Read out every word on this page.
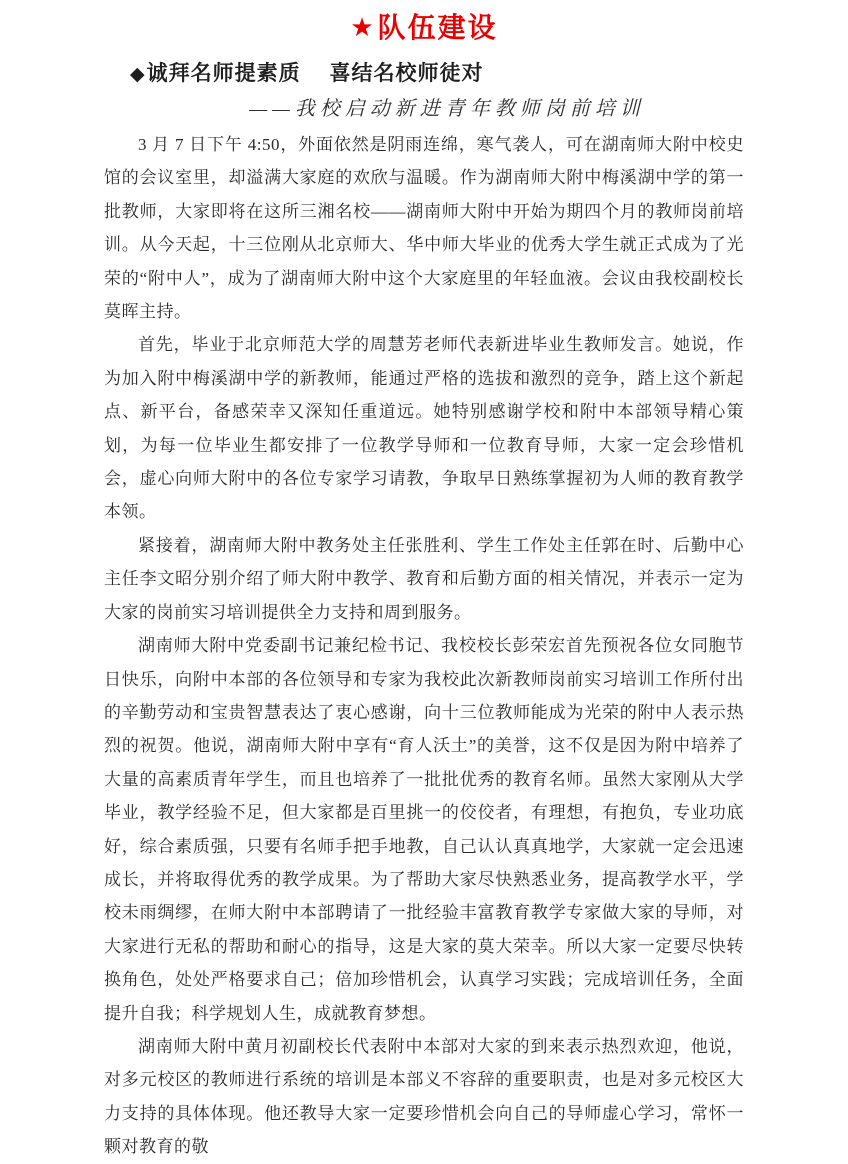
★队伍建设
◆诚拜名师提素质　 喜结名校师徒对
——我校启动新进青年教师岗前培训

3 月 7 日下午 4:50，外面依然是阴雨连绵，寒气袭人，可在湖南师大附中校史馆的会议室里，却溢满大家庭的欢欣与温暖。作为湖南师大附中梅溪湖中学的第一批教师，大家即将在这所三湘名校——湖南师大附中开始为期四个月的教师岗前培训。从今天起，十三位刚从北京师大、华中师大毕业的优秀大学生就正式成为了光荣的“附中人”，成为了湖南师大附中这个大家庭里的年轻血液。会议由我校副校长莫晖主持。

首先，毕业于北京师范大学的周慧芳老师代表新进毕业生教师发言。她说，作为加入附中梅溪湖中学的新教师，能通过严格的选拔和激烈的竞争，踏上这个新起点、新平台，备感荣幸又深知任重道远。她特别感谢学校和附中本部领导精心策划，为每一位毕业生都安排了一位教学导师和一位教育导师，大家一定会珍惜机会，虚心向师大附中的各位专家学习请教，争取早日熟练掌握初为人师的教育教学本领。

紧接着，湖南师大附中教务处主任张胜利、学生工作处主任郭在时、后勤中心主任李文昭分别介绍了师大附中教学、教育和后勤方面的相关情况，并表示一定为大家的岗前实习培训提供全力支持和周到服务。

湖南师大附中党委副书记兼纪检书记、我校校长彭荣宏首先预祝各位女同胞节日快乐，向附中本部的各位领导和专家为我校此次新教师岗前实习培训工作所付出的辛勤劳动和宝贵智慧表达了衷心感谢，向十三位教师能成为光荣的附中人表示热烈的祝贺。他说，湖南师大附中享有“育人沃土”的美誉，这不仅是因为附中培养了大量的高素质青年学生，而且也培养了一批批优秀的教育名师。虽然大家刚从大学毕业，教学经验不足，但大家都是百里挑一的佼佼者，有理想，有抱负，专业功底好，综合素质强，只要有名师手把手地教，自己认认真真地学，大家就一定会迅速成长，并将取得优秀的教学成果。为了帮助大家尽快熟悉业务，提高教学水平，学校未雨绸缪，在师大附中本部聘请了一批经验丰富教育教学专家做大家的导师，对大家进行无私的帮助和耐心的指导，这是大家的莫大荣幸。所以大家一定要尽快转换角色，处处严格要求自己；倍加珍惜机会，认真学习实践；完成培训任务，全面提升自我；科学规划人生，成就教育梦想。

湖南师大附中黄月初副校长代表附中本部对大家的到来表示热烈欢迎，他说，对多元校区的教师进行系统的培训是本部义不容辞的重要职责，也是对多元校区大力支持的具体体现。他还教导大家一定要珍惜机会向自己的导师虚心学习，常怀一颗对教育的敬
